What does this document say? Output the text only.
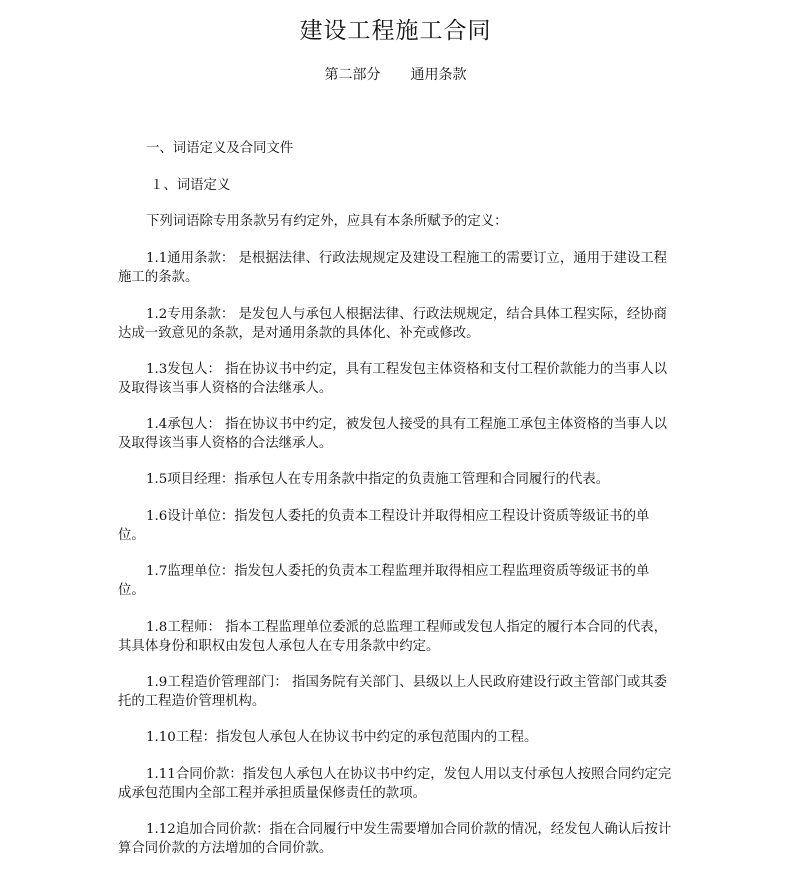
建设工程施工合同
第二部分 通用条款

一、词语定义及合同文件

１、词语定义

下列词语除专用条款另有约定外，应具有本条所赋予的定义：

1.1通用条款： 是根据法律、行政法规规定及建设工程施工的需要订立，通用于建设工程施工的条款。

1.2专用条款： 是发包人与承包人根据法律、行政法规规定，结合具体工程实际，经协商达成一致意见的条款，是对通用条款的具体化、补充或修改。

1.3发包人： 指在协议书中约定，具有工程发包主体资格和支付工程价款能力的当事人以及取得该当事人资格的合法继承人。

1.4承包人： 指在协议书中约定，被发包人接受的具有工程施工承包主体资格的当事人以及取得该当事人资格的合法继承人。

1.5项目经理：指承包人在专用条款中指定的负责施工管理和合同履行的代表。

1.6设计单位：指发包人委托的负责本工程设计并取得相应工程设计资质等级证书的单位。

1.7监理单位：指发包人委托的负责本工程监理并取得相应工程监理资质等级证书的单位。

1.8工程师： 指本工程监理单位委派的总监理工程师或发包人指定的履行本合同的代表，其具体身份和职权由发包人承包人在专用条款中约定。

1.9工程造价管理部门： 指国务院有关部门、县级以上人民政府建设行政主管部门或其委托的工程造价管理机构。

1.10工程：指发包人承包人在协议书中约定的承包范围内的工程。

1.11合同价款：指发包人承包人在协议书中约定，发包人用以支付承包人按照合同约定完成承包范围内全部工程并承担质量保修责任的款项。

1.12追加合同价款：指在合同履行中发生需要增加合同价款的情况，经发包人确认后按计算合同价款的方法增加的合同价款。
